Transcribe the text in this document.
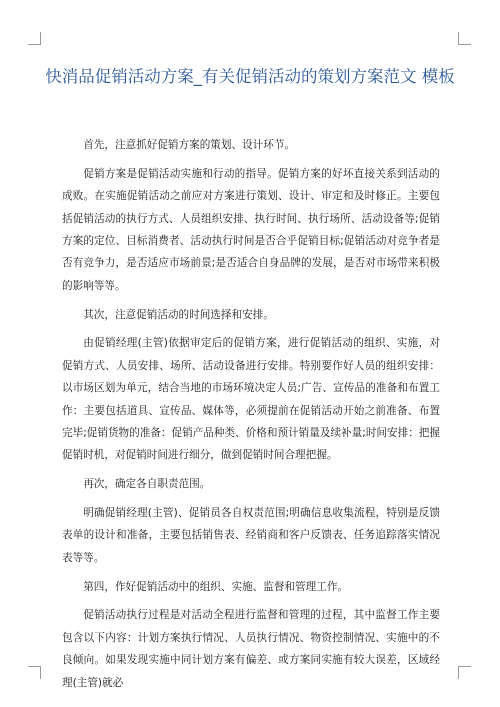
快消品促销活动方案_有关促销活动的策划方案范文 模板

首先，注意抓好促销方案的策划、设计环节。

促销方案是促销活动实施和行动的指导。促销方案的好坏直接关系到活动的成败。在实施促销活动之前应对方案进行策划、设计、审定和及时修正。主要包括促销活动的执行方式、人员组织安排、执行时间、执行场所、活动设备等;促销方案的定位、目标消费者、活动执行时间是否合乎促销目标;促销活动对竞争者是否有竞争力，是否适应市场前景;是否适合自身品牌的发展，是否对市场带来积极的影响等等。

其次，注意促销活动的时间选择和安排。

由促销经理(主管)依据审定后的促销方案，进行促销活动的组织、实施，对促销方式、人员安排、场所、活动设备进行安排。特别要作好人员的组织安排：以市场区划为单元，结合当地的市场环境决定人员;广告、宣传品的准备和布置工作：主要包括道具、宣传品、媒体等，必须提前在促销活动开始之前准备、布置完毕;促销货物的准备：促销产品种类、价格和预计销量及续补量;时间安排：把握促销时机，对促销时间进行细分，做到促销时间合理把握。

再次，确定各自职责范围。

明确促销经理(主管)、促销员各自权责范围;明确信息收集流程，特别是反馈表单的设计和准备，主要包括销售表、经销商和客户反馈表、任务追踪落实情况表等等。

第四，作好促销活动中的组织、实施、监督和管理工作。

促销活动执行过程是对活动全程进行监督和管理的过程，其中监督工作主要包含以下内容：计划方案执行情况、人员执行情况、物资控制情况、实施中的不良倾向。如果发现实施中同计划方案有偏差、或方案同实施有较大误差，区域经理(主管)就必
